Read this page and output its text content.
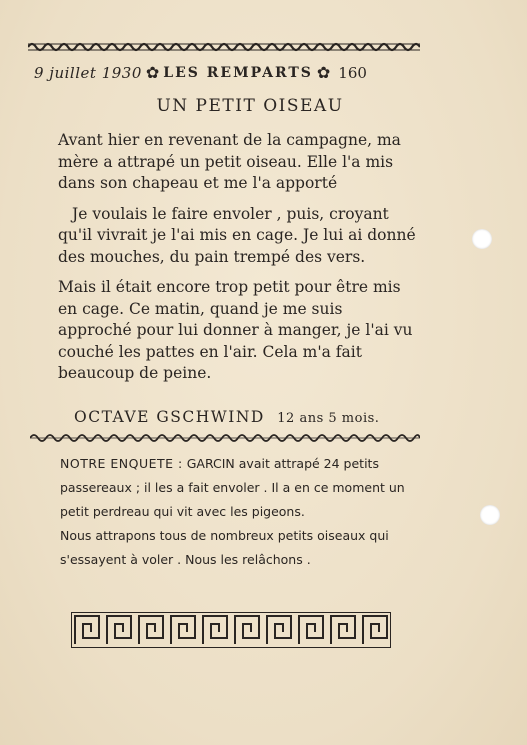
9 juillet 1930 ✿ LES REMPARTS ✿ 160
UN PETIT OISEAU

Avant hier en revenant de la campagne, ma mère a attrapé un petit oiseau. Elle l'a mis dans son chapeau et me l'a apporté

Je voulais le faire envoler , puis, croyant qu'il vivrait je l'ai mis en cage. Je lui ai donné des mouches, du pain trempé des vers.

Mais il était encore trop petit pour être mis en cage. Ce matin, quand je me suis approché pour lui donner à manger, je l'ai vu couché les pattes en l'air. Cela m'a fait beaucoup de peine.

OCTAVE GSCHWIND 12 ans 5 mois.

NOTRE ENQUETE : GARCIN avait attrapé 24 petits passereaux ; il les a fait envoler . Il a en ce moment un petit perdreau qui vit avec les pigeons.

Nous attrapons tous de nombreux petits oiseaux qui s'essayent à voler . Nous les relâchons .
